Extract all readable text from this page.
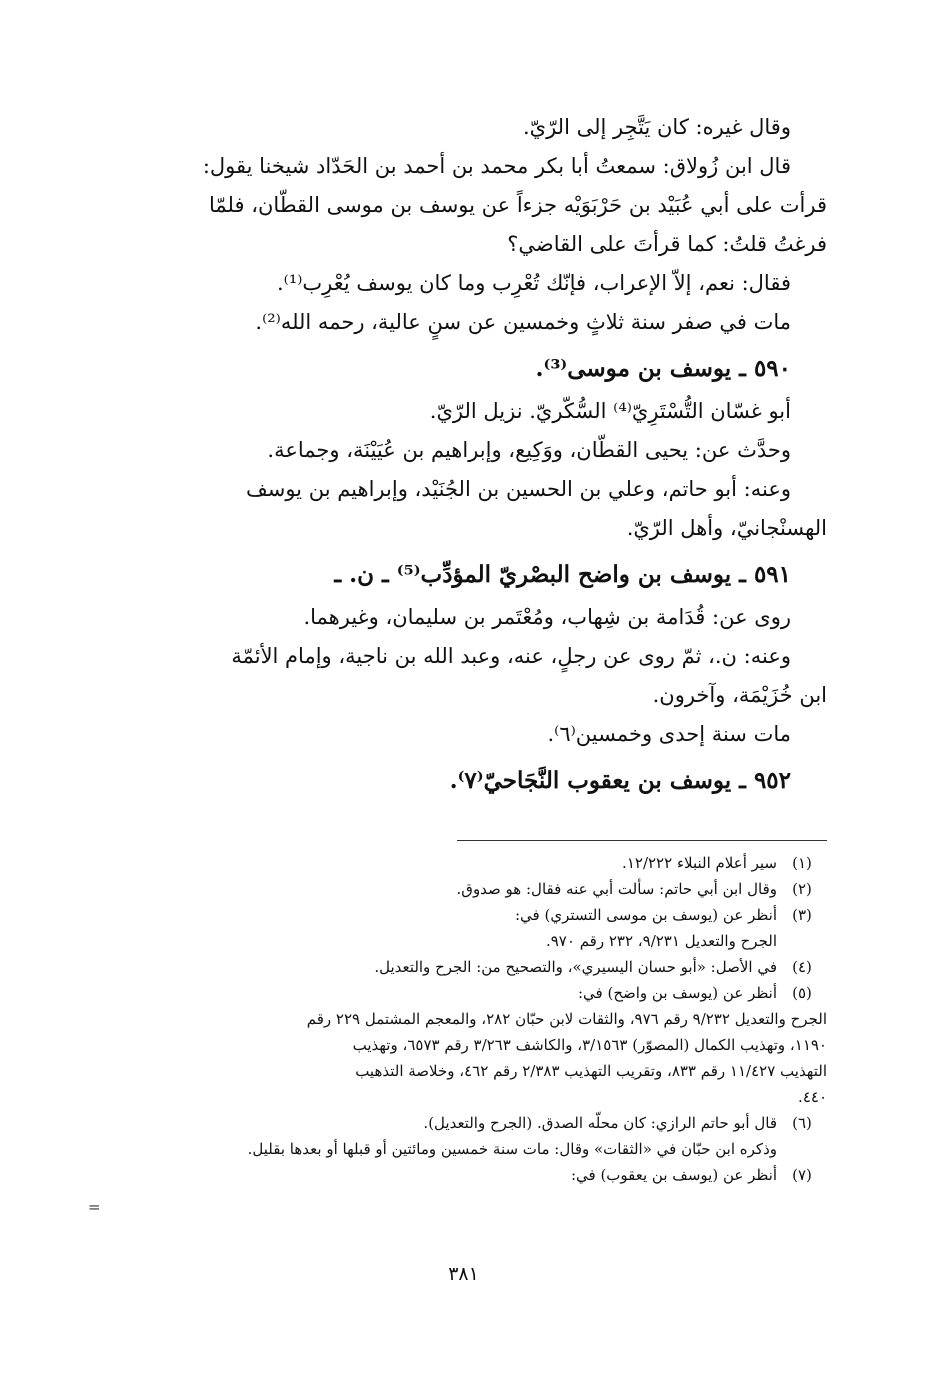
وقال غيره: كان يَتَّجِر إلى الرّيّ.

قال ابن زُولاق: سمعتُ أبا بكر محمد بن أحمد بن الحَدّاد شيخنا يقول:

قرأت على أبي عُبَيْد بن حَرْبَوَيْه جزءاً عن يوسف بن موسى القطّان، فلمّا

فرغتُ قلتُ: كما قرأتَ على القاضي؟

فقال: نعم، إلاّ الإعراب، فإنّك تُعْرِب وما كان يوسف يُعْرِب⁽¹⁾.

مات في صفر سنة ثلاثٍ وخمسين عن سنٍ عالية، رحمه الله⁽²⁾.

٥٩٠ ـ يوسف بن موسى⁽³⁾.

أبو غسّان التُّسْتَرِيّ⁽⁴⁾ السُّكّريّ. نزيل الرّيّ.

وحدَّث عن: يحيى القطّان، ووَكِيع، وإبراهيم بن عُيَيْنَة، وجماعة.

وعنه: أبو حاتم، وعلي بن الحسين بن الجُنَيْد، وإبراهيم بن يوسف

الهسنْجانيّ، وأهل الرّيّ.

٥٩١ ـ يوسف بن واضح البصْريّ المؤدِّب⁽⁵⁾ ـ ن. ـ

روى عن: قُدَامة بن شِهاب، ومُعْتَمر بن سليمان، وغيرهما.

وعنه: ن.، ثمّ روى عن رجلٍ، عنه، وعبد الله بن ناجية، وإمام الأئمّة

ابن خُزَيْمَة، وآخرون.

مات سنة إحدى وخمسين⁽٦⁾.

٩٥٢ ـ يوسف بن يعقوب النَّجَاحيّ⁽٧⁾.

(١)
سير أعلام النبلاء ١٢/٢٢٢.
(٢)
وقال ابن أبي حاتم: سألت أبي عنه فقال: هو صدوق.
(٣)
أنظر عن (يوسف بن موسى التستري) في:
الجرح والتعديل ٩/٢٣١، ٢٣٢ رقم ٩٧٠.
(٤)
في الأصل: «أبو حسان اليسيري»، والتصحيح من: الجرح والتعديل.
(٥)
أنظر عن (يوسف بن واضح) في:
الجرح والتعديل ٩/٢٣٢ رقم ٩٧٦، والثقات لابن حبّان ٢٨٢، والمعجم المشتمل ٢٢٩ رقم
١١٩٠، وتهذيب الكمال (المصوّر) ٣/١٥٦٣، والكاشف ٣/٢٦٣ رقم ٦٥٧٣، وتهذيب
التهذيب ١١/٤٢٧ رقم ٨٣٣، وتقريب التهذيب ٢/٣٨٣ رقم ٤٦٢، وخلاصة التذهيب
٤٤٠.
(٦)
قال أبو حاتم الرازي: كان محلّه الصدق. (الجرح والتعديل).
وذكره ابن حبّان في «الثقات» وقال: مات سنة خمسين ومائتين أو قبلها أو بعدها بقليل.
(٧)
أنظر عن (يوسف بن يعقوب) في:
=
٣٨١
